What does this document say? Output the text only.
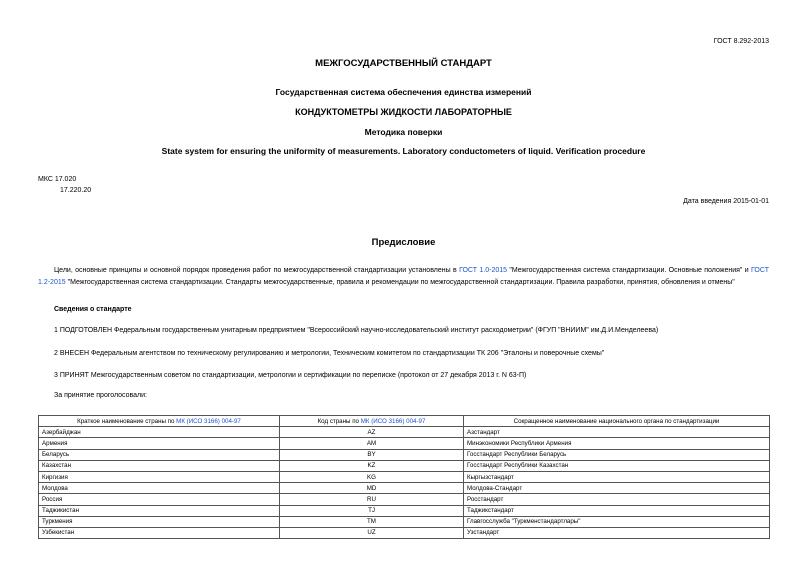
ГОСТ 8.292-2013
МЕЖГОСУДАРСТВЕННЫЙ СТАНДАРТ
Государственная система обеспечения единства измерений
КОНДУКТОМЕТРЫ ЖИДКОСТИ ЛАБОРАТОРНЫЕ
Методика поверки
State system for ensuring the uniformity of measurements. Laboratory conductometers of liquid. Verification procedure
МКС 17.020
17.220.20
Дата введения 2015-01-01
Предисловие
Цели, основные принципы и основной порядок проведения работ по межгосударственной стандартизации установлены в ГОСТ 1.0-2015 "Межгосударственная система стандартизации. Основные положения" и ГОСТ 1.2-2015 "Межгосударственная система стандартизации. Стандарты межгосударственные, правила и рекомендации по межгосударственной стандартизации. Правила разработки, принятия, обновления и отмены"
Сведения о стандарте
1 ПОДГОТОВЛЕН Федеральным государственным унитарным предприятием "Всероссийский научно-исследовательский институт расходометрии" (ФГУП "ВНИИМ" им.Д.И.Менделеева)
2 ВНЕСЕН Федеральным агентством по техническому регулированию и метрологии, Техническим комитетом по стандартизации ТК 206 "Эталоны и поверочные схемы"
3 ПРИНЯТ Межгосударственным советом по стандартизации, метрологии и сертификации по переписке (протокол от 27 декабря 2013 г. N 63-П)
За принятие проголосовали:
Краткое наименование страны по МК (ИСО 3166) 004-97	Код страны по МК (ИСО 3166) 004-97	Сокращенное наименование национального органа по стандартизации
Азербайджан	AZ	Азстандарт
Армения	AM	Минэкономики Республики Армения
Беларусь	BY	Госстандарт Республики Беларусь
Казахстан	KZ	Госстандарт Республики Казахстан
Киргизия	KG	Кыргызстандарт
Молдова	MD	Молдова-Стандарт
Россия	RU	Росстандарт
Таджикистан	TJ	Таджикстандарт
Туркмения	TM	Главгосслужба "Туркменстандартлары"
Узбекистан	UZ	Узстандарт
